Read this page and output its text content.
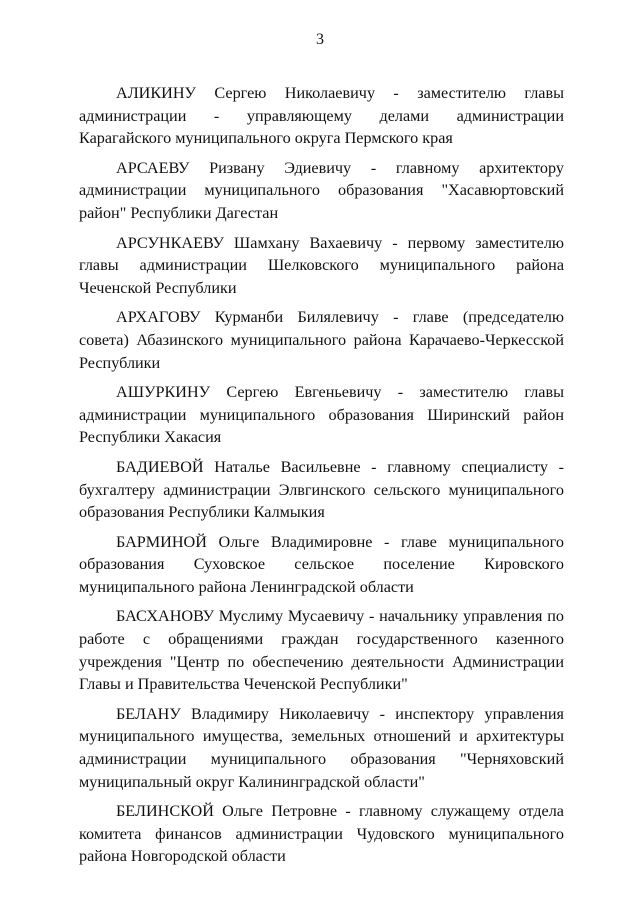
3

АЛИКИНУ Сергею Николаевичу - заместителю главы администрации - управляющему делами администрации Карагайского муниципального округа Пермского края

АРСАЕВУ Ризвану Эдиевичу - главному архитектору администрации муниципального образования "Хасавюртовский район" Республики Дагестан

АРСУНКАЕВУ Шамхану Вахаевичу - первому заместителю главы администрации Шелковского муниципального района Чеченской Республики

АРХАГОВУ Курманби Билялевичу - главе (председателю совета) Абазинского муниципального района Карачаево-Черкесской Республики

АШУРКИНУ Сергею Евгеньевичу - заместителю главы администрации муниципального образования Ширинский район Республики Хакасия

БАДИЕВОЙ Наталье Васильевне - главному специалисту - бухгалтеру администрации Элвгинского сельского муниципального образования Республики Калмыкия

БАРМИНОЙ Ольге Владимировне - главе муниципального образования Суховское сельское поселение Кировского муниципального района Ленинградской области

БАСХАНОВУ Муслиму Мусаевичу - начальнику управления по работе с обращениями граждан государственного казенного учреждения "Центр по обеспечению деятельности Администрации Главы и Правительства Чеченской Республики"

БЕЛАНУ Владимиру Николаевичу - инспектору управления муниципального имущества, земельных отношений и архитектуры администрации муниципального образования "Черняховский муниципальный округ Калининградской области"

БЕЛИНСКОЙ Ольге Петровне - главному служащему отдела комитета финансов администрации Чудовского муниципального района Новгородской области
